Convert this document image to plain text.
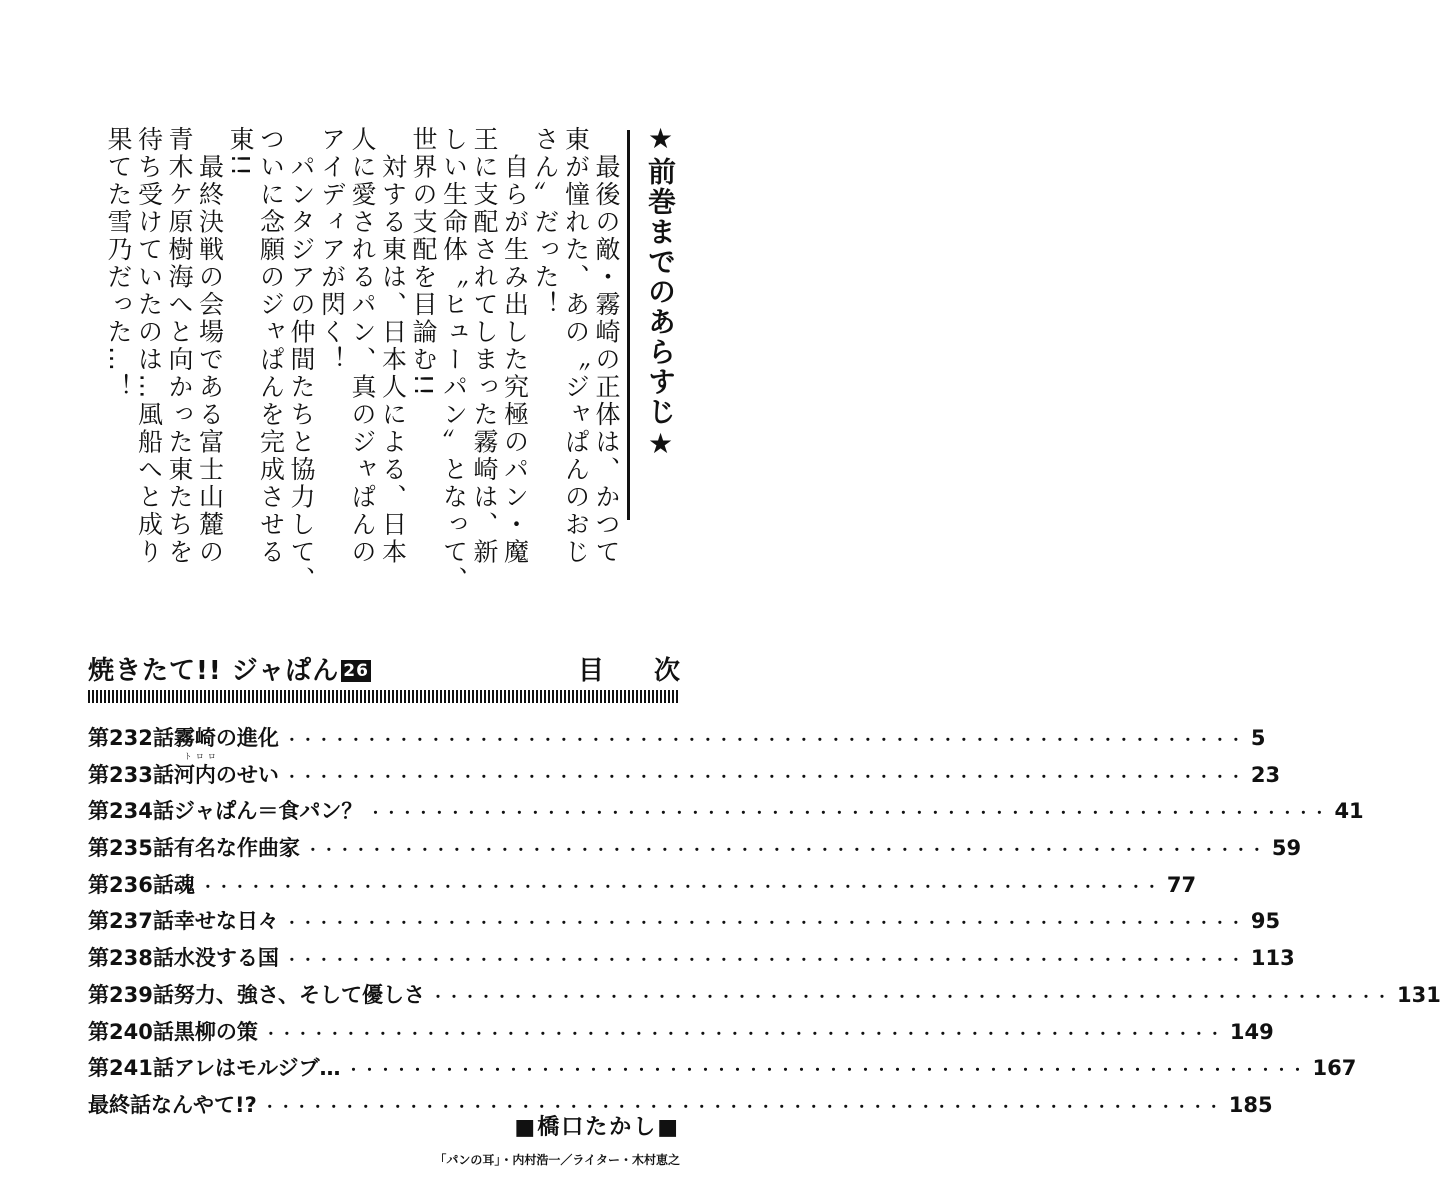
★前巻までのあらすじ★
　最後の敵・霧崎の正体は、かつて
東が憧れた、あの〝ジャぱんのおじ
さん〟だった！
　自らが生み出した究極のパン・魔
王に支配されてしまった霧崎は、新
しい生命体〝ヒューパン〟となって、
世界の支配を目論む!!
　対する東は、日本人による、日本
人に愛されるパン、真のジャぱんの
アイディアが閃く！
　パンタジアの仲間たちと協力して、
ついに念願のジャぱんを完成させる
東!!
　最終決戦の会場である富士山麓の
青木ケ原樹海へと向かった東たちを
待ち受けていたのは…風船へと成り
果てた雪乃だった…！
焼きたて!! ジャぱん 26	目次
第232話 霧崎の進化 ・・・・・・・・・・・・・・・・・・・・・・・・・・・・・・・・・・・・・・・・・・・・・・・・・・・・・・・・・・・・ 5
第233話 河内のせい
トロロ
・・・・・・・・・・・・・・・・・・・・・・・・・・・・・・・・・・・・・・・・・・・・・・・・・・・・・・・・・・・・ 23
第234話 ジャぱん＝食パン？ ・・・・・・・・・・・・・・・・・・・・・・・・・・・・・・・・・・・・・・・・・・・・・・・・・・・・・・・・・・・・ 41
第235話 有名な作曲家 ・・・・・・・・・・・・・・・・・・・・・・・・・・・・・・・・・・・・・・・・・・・・・・・・・・・・・・・・・・・・ 59
第236話 魂 ・・・・・・・・・・・・・・・・・・・・・・・・・・・・・・・・・・・・・・・・・・・・・・・・・・・・・・・・・・・・ 77
第237話 幸せな日々 ・・・・・・・・・・・・・・・・・・・・・・・・・・・・・・・・・・・・・・・・・・・・・・・・・・・・・・・・・・・・ 95
第238話 水没する国 ・・・・・・・・・・・・・・・・・・・・・・・・・・・・・・・・・・・・・・・・・・・・・・・・・・・・・・・・・・・・ 113
第239話 努力、強さ、そして優しさ ・・・・・・・・・・・・・・・・・・・・・・・・・・・・・・・・・・・・・・・・・・・・・・・・・・・・・・・・・・・・ 131
第240話 黒柳の策 ・・・・・・・・・・・・・・・・・・・・・・・・・・・・・・・・・・・・・・・・・・・・・・・・・・・・・・・・・・・・ 149
第241話 アレはモルジブ… ・・・・・・・・・・・・・・・・・・・・・・・・・・・・・・・・・・・・・・・・・・・・・・・・・・・・・・・・・・・・ 167
最終話 なんやて!? ・・・・・・・・・・・・・・・・・・・・・・・・・・・・・・・・・・・・・・・・・・・・・・・・・・・・・・・・・・・・ 185
■橋口たかし■
「パンの耳」・内村浩一／ライター・木村恵之
